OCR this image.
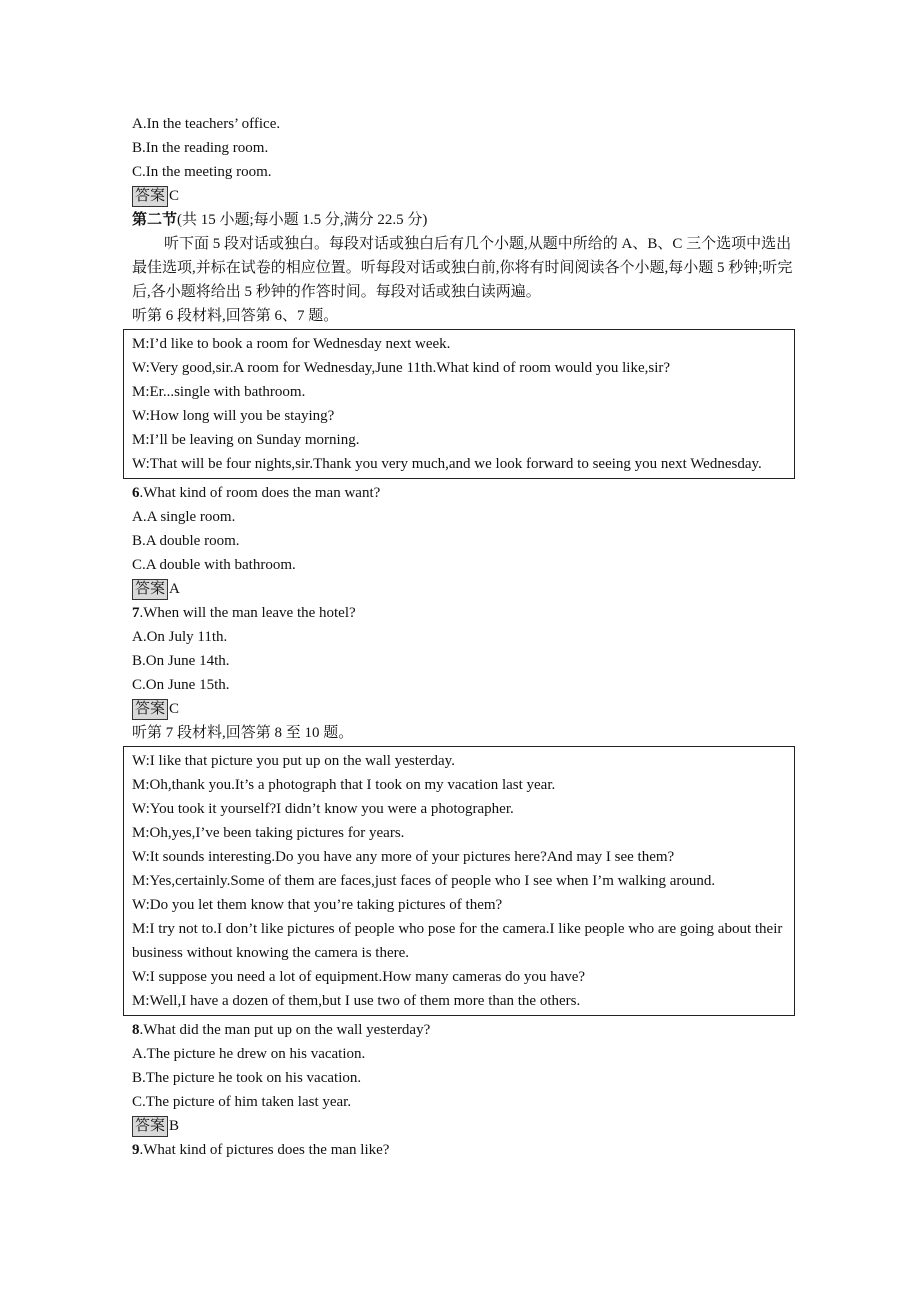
A.In the teachers’ office.
B.In the reading room.
C.In the meeting room.
答案 C
第二节(共 15 小题;每小题 1.5 分,满分 22.5 分)
听下面 5 段对话或独白。每段对话或独白后有几个小题,从题中所给的 A、B、C 三个选项中选出最佳选项,并标在试卷的相应位置。听每段对话或独白前,你将有时间阅读各个小题,每小题 5 秒钟;听完后,各小题将给出 5 秒钟的作答时间。每段对话或独白读两遍。
听第 6 段材料,回答第 6、7 题。
M:I’d like to book a room for Wednesday next week.
W:Very good,sir.A room for Wednesday,June 11th.What kind of room would you like,sir?
M:Er...single with bathroom.
W:How long will you be staying?
M:I’ll be leaving on Sunday morning.
W:That will be four nights,sir.Thank you very much,and we look forward to seeing you next Wednesday.
6.What kind of room does the man want?
A.A single room.
B.A double room.
C.A double with bathroom.
答案 A
7.When will the man leave the hotel?
A.On July 11th.
B.On June 14th.
C.On June 15th.
答案 C
听第 7 段材料,回答第 8 至 10 题。
W:I like that picture you put up on the wall yesterday.
M:Oh,thank you.It’s a photograph that I took on my vacation last year.
W:You took it yourself?I didn’t know you were a photographer.
M:Oh,yes,I’ve been taking pictures for years.
W:It sounds interesting.Do you have any more of your pictures here?And may I see them?
M:Yes,certainly.Some of them are faces,just faces of people who I see when I’m walking around.
W:Do you let them know that you’re taking pictures of them?
M:I try not to.I don’t like pictures of people who pose for the camera.I like people who are going about their business without knowing the camera is there.
W:I suppose you need a lot of equipment.How many cameras do you have?
M:Well,I have a dozen of them,but I use two of them more than the others.
8.What did the man put up on the wall yesterday?
A.The picture he drew on his vacation.
B.The picture he took on his vacation.
C.The picture of him taken last year.
答案 B
9.What kind of pictures does the man like?
